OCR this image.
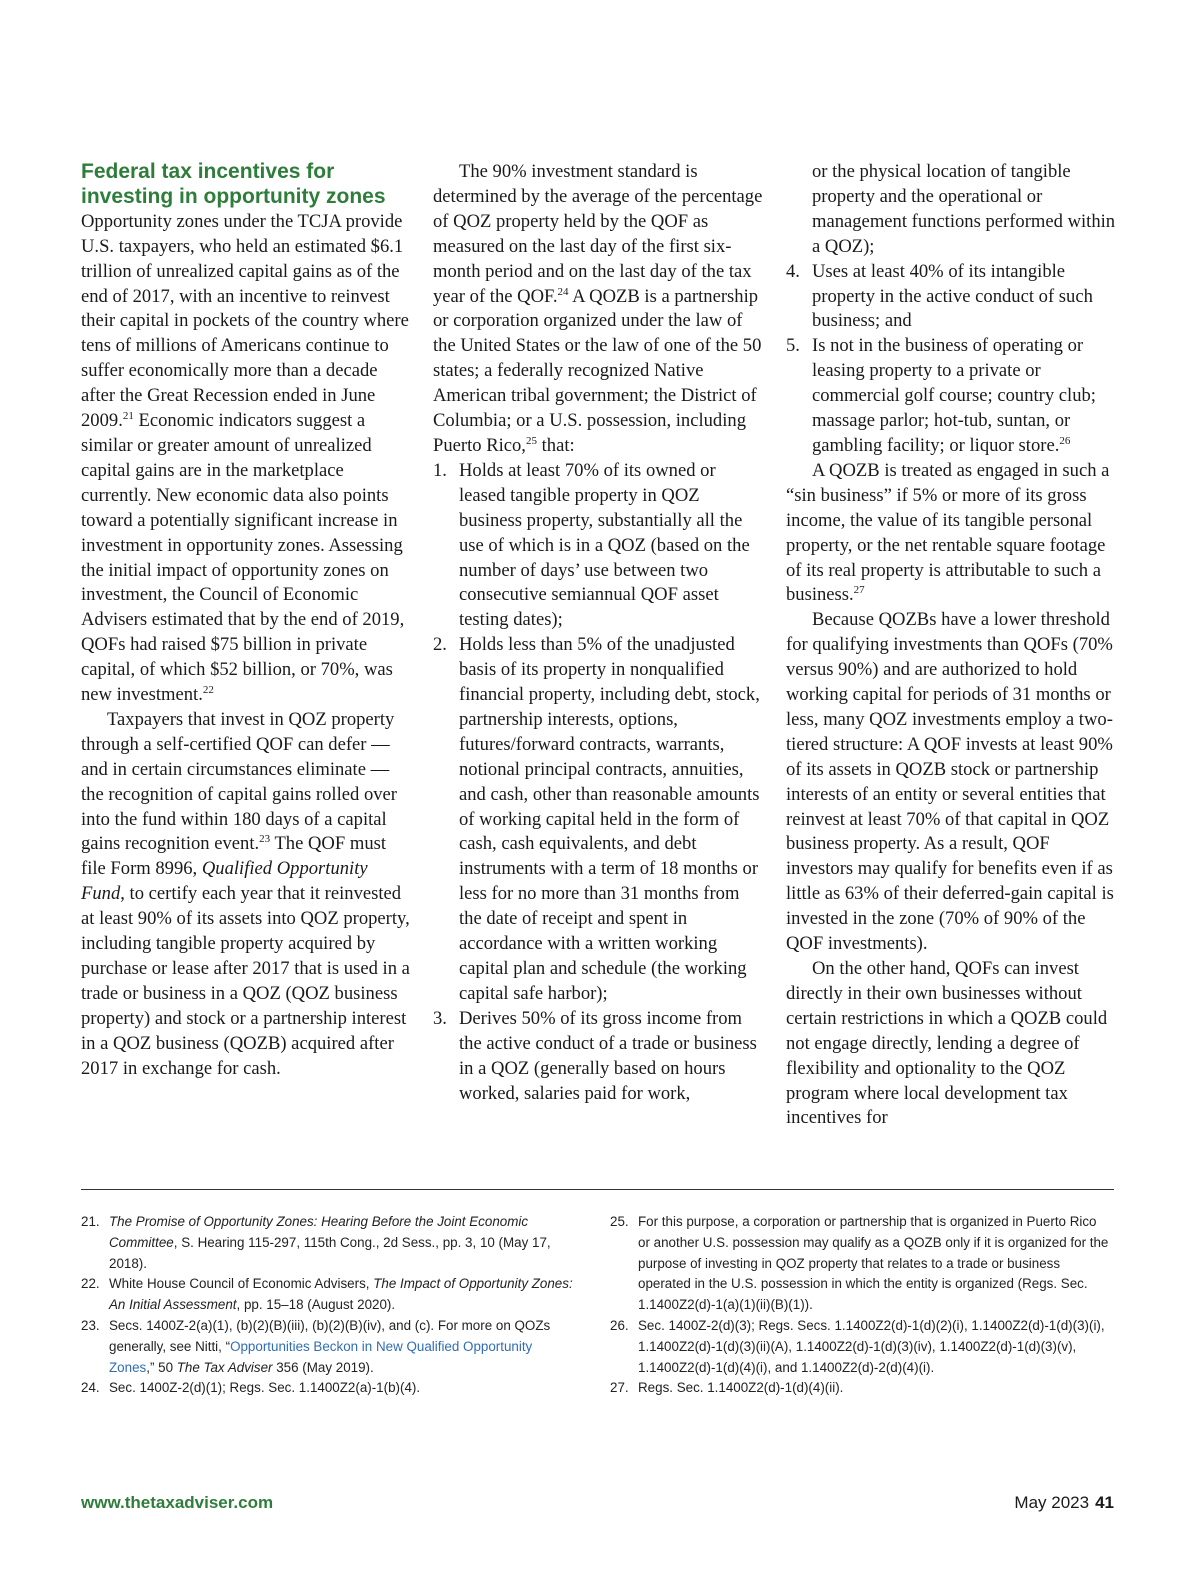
Federal tax incentives for investing in opportunity zones

Opportunity zones under the TCJA provide U.S. taxpayers, who held an estimated $6.1 trillion of unrealized capital gains as of the end of 2017, with an incentive to reinvest their capital in pockets of the country where tens of millions of Americans continue to suffer economically more than a decade after the Great Recession ended in June 2009.21 Economic indicators suggest a similar or greater amount of unrealized capital gains are in the marketplace currently. New economic data also points toward a potentially significant increase in investment in opportunity zones. Assessing the initial impact of opportunity zones on investment, the Council of Economic Advisers estimated that by the end of 2019, QOFs had raised $75 billion in private capital, of which $52 billion, or 70%, was new investment.$^{22}$

Taxpayers that invest in QOZ property through a self-certified QOF can defer — and in certain circumstances eliminate — the recognition of capital gains rolled over into the fund within 180 days of a capital gains recognition event.$^{23}$ The QOF must file Form 8996, Qualified Opportunity Fund, to certify each year that it reinvested at least 90% of its assets into QOZ property, including tangible property acquired by purchase or lease after 2017 that is used in a trade or business in a QOZ (QOZ business property) and stock or a partnership interest in a QOZ business (QOZB) acquired after 2017 in exchange for cash.

The 90% investment standard is determined by the average of the percentage of QOZ property held by the QOF as measured on the last day of the first six-month period and on the last day of the tax year of the QOF.$^{24}$ A QOZB is a partnership or corporation organized under the law of the United States or the law of one of the 50 states; a federally recognized Native American tribal government; the District of Columbia; or a U.S. possession, including Puerto Rico,$^{25}$ that:

1. Holds at least 70% of its owned or leased tangible property in QOZ business property, substantially all the use of which is in a QOZ (based on the number of days’ use between two consecutive semiannual QOF asset testing dates);
2. Holds less than 5% of the unadjusted basis of its property in nonqualified financial property, including debt, stock, partnership interests, options, futures/forward contracts, warrants, notional principal contracts, annuities, and cash, other than reasonable amounts of working capital held in the form of cash, cash equivalents, and debt instruments with a term of 18 months or less for no more than 31 months from the date of receipt and spent in accordance with a written working capital plan and schedule (the working capital safe harbor);
3. Derives 50% of its gross income from the active conduct of a trade or business in a QOZ (generally based on hours worked, salaries paid for work,

or the physical location of tangible property and the operational or management functions performed within a QOZ);

4. Uses at least 40% of its intangible property in the active conduct of such business; and
5. Is not in the business of operating or leasing property to a private or commercial golf course; country club; massage parlor; hot-tub, suntan, or gambling facility; or liquor store.$^{26}$

A QOZB is treated as engaged in such a “sin business” if 5% or more of its gross income, the value of its tangible personal property, or the net rentable square footage of its real property is attributable to such a business.$^{27}$

Because QOZBs have a lower threshold for qualifying investments than QOFs (70% versus 90%) and are authorized to hold working capital for periods of 31 months or less, many QOZ investments employ a two-tiered structure: A QOF invests at least 90% of its assets in QOZB stock or partnership interests of an entity or several entities that reinvest at least 70% of that capital in QOZ business property. As a result, QOF investors may qualify for benefits even if as little as 63% of their deferred-gain capital is invested in the zone (70% of 90% of the QOF investments).

On the other hand, QOFs can invest directly in their own businesses without certain restrictions in which a QOZB could not engage directly, lending a degree of flexibility and optionality to the QOZ program where local development tax incentives for

21. The Promise of Opportunity Zones: Hearing Before the Joint Economic Committee, S. Hearing 115-297, 115th Cong., 2d Sess., pp. 3, 10 (May 17, 2018).
22. White House Council of Economic Advisers, The Impact of Opportunity Zones: An Initial Assessment, pp. 15–18 (August 2020).
23. Secs. 1400Z-2(a)(1), (b)(2)(B)(iii), (b)(2)(B)(iv), and (c). For more on QOZs generally, see Nitti, “Opportunities Beckon in New Qualified Opportunity Zones,” 50 The Tax Adviser 356 (May 2019).
24. Sec. 1400Z-2(d)(1); Regs. Sec. 1.1400Z2(a)-1(b)(4).
25. For this purpose, a corporation or partnership that is organized in Puerto Rico or another U.S. possession may qualify as a QOZB only if it is organized for the purpose of investing in QOZ property that relates to a trade or business operated in the U.S. possession in which the entity is organized (Regs. Sec. 1.1400Z2(d)-1(a)(1)(ii)(B)(1)).
26. Sec. 1400Z-2(d)(3); Regs. Secs. 1.1400Z2(d)-1(d)(2)(i), 1.1400Z2(d)-1(d)(3)(i), 1.1400Z2(d)-1(d)(3)(ii)(A), 1.1400Z2(d)-1(d)(3)(iv), 1.1400Z2(d)-1(d)(3)(v), 1.1400Z2(d)-1(d)(4)(i), and 1.1400Z2(d)-2(d)(4)(i).
27. Regs. Sec. 1.1400Z2(d)-1(d)(4)(ii).
www.thetaxadviser.com	May 2023 41
